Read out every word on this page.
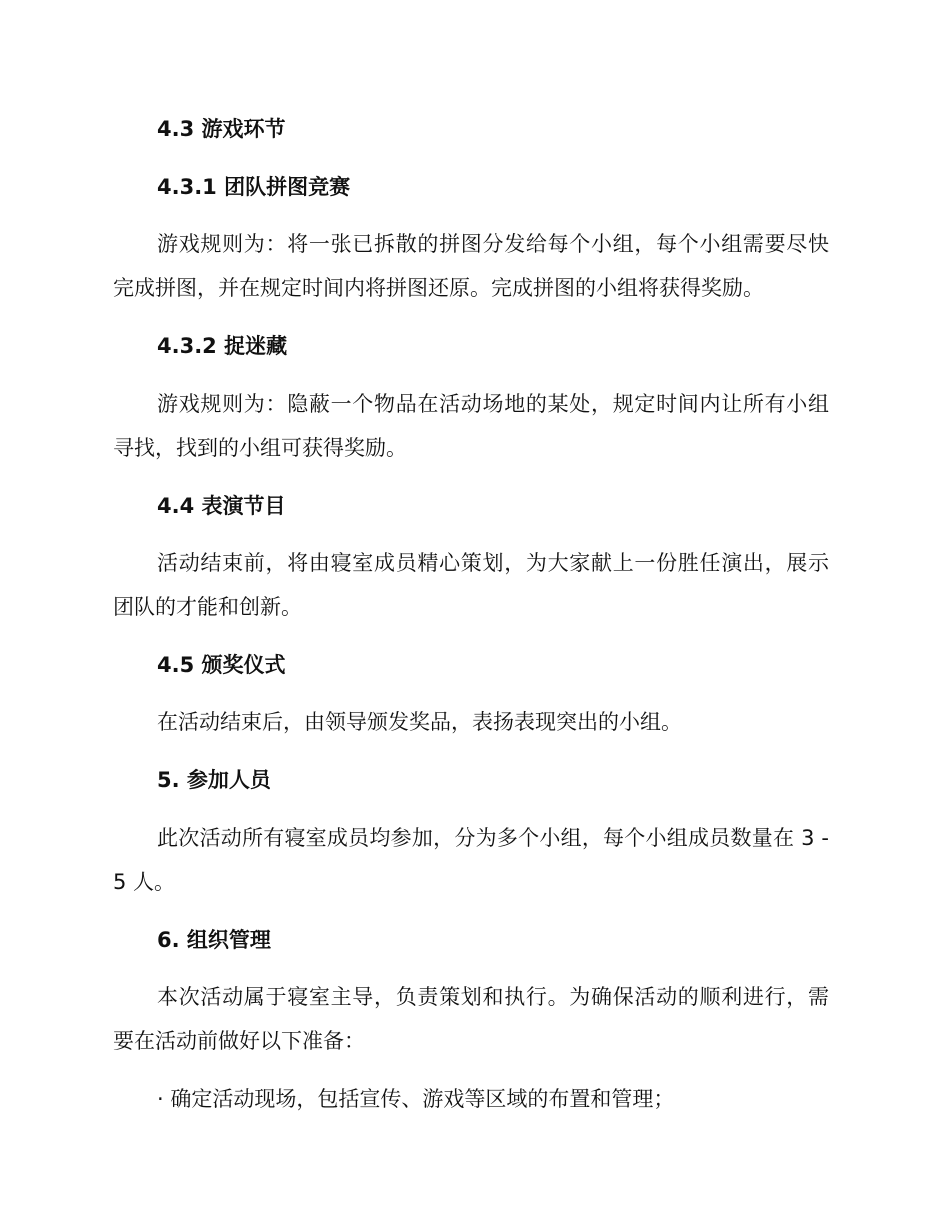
4.3 游戏环节
4.3.1 团队拼图竞赛
游戏规则为：将一张已拆散的拼图分发给每个小组，每个小组需要尽快
完成拼图，并在规定时间内将拼图还原。完成拼图的小组将获得奖励。
4.3.2 捉迷藏
游戏规则为：隐蔽一个物品在活动场地的某处，规定时间内让所有小组
寻找，找到的小组可获得奖励。
4.4 表演节目
活动结束前，将由寝室成员精心策划，为大家献上一份胜任演出，展示
团队的才能和创新。
4.5 颁奖仪式
在活动结束后，由领导颁发奖品，表扬表现突出的小组。
5. 参加人员
此次活动所有寝室成员均参加，分为多个小组，每个小组成员数量在 3 -
5 人。
6. 组织管理
本次活动属于寝室主导，负责策划和执行。为确保活动的顺利进行，需
要在活动前做好以下准备：
· 确定活动现场，包括宣传、游戏等区域的布置和管理；
